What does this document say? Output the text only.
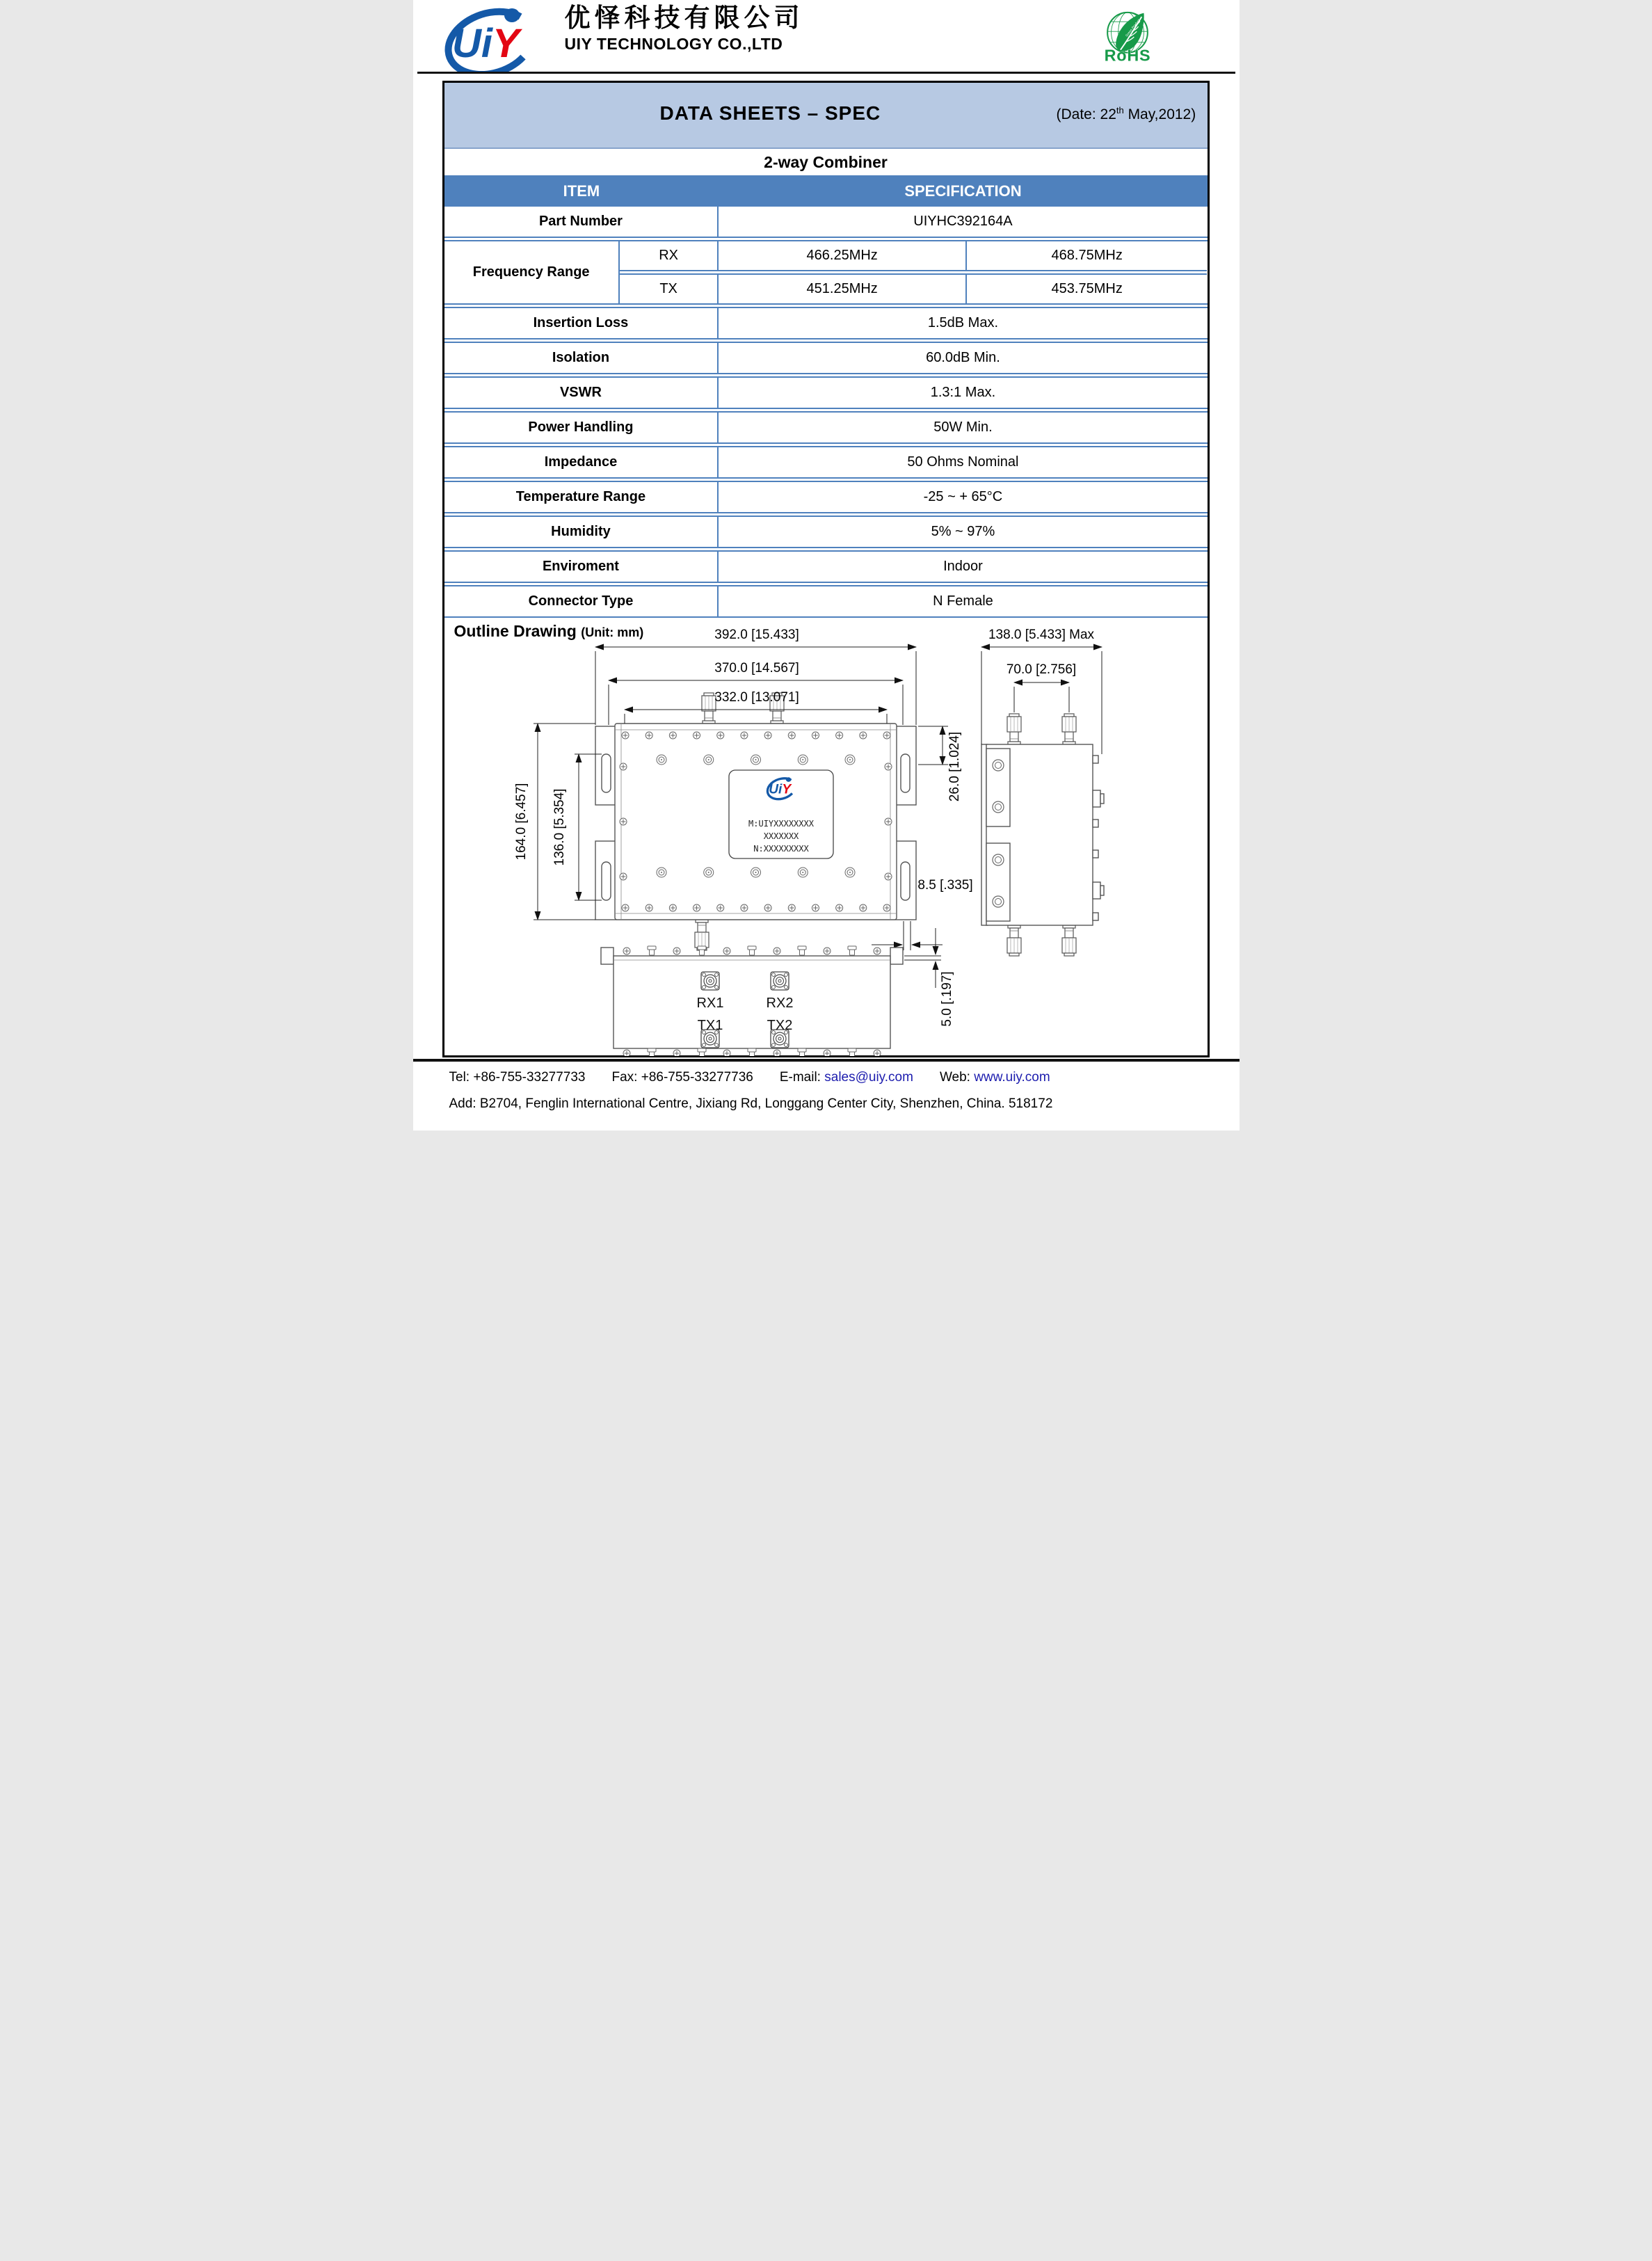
UiY
优怿科技有限公司
UIY TECHNOLOGY CO.,LTD
Green Product
RoHS
DATA SHEETS – SPEC	(Date: 22th May,2012)
2-way Combiner
ITEM	SPECIFICATION
Part Number	UIYHC392164A
Frequency Range
RX	466.25MHz	468.75MHz
TX	451.25MHz	453.75MHz
Insertion Loss	1.5dB Max.
Isolation	60.0dB Min.
VSWR	1.3:1 Max.
Power Handling	50W Min.
Impedance	50 Ohms Nominal
Temperature Range	-25 ~ + 65°C
Humidity	5% ~ 97%
Enviroment	Indoor
Connector Type	N Female
Outline Drawing (Unit: mm)
UiY
M:UIYXXXXXXXX
XXXXXXX
N:XXXXXXXXX
392.0 [15.433]
370.0 [14.567]
332.0 [13.071]
164.0 [6.457] 136.0 [5.354]
26.0 [1.024]
8.5 [.335]
138.0 [5.433] Max
70.0 [2.756]
RX1	RX2
TX1	TX2	5.0 [.197]
Tel: +86-755-33277733 Fax: +86-755-33277736 E-mail: sales@uiy.com Web: www.uiy.com
Add: B2704, Fenglin International Centre, Jixiang Rd, Longgang Center City, Shenzhen, China. 518172
